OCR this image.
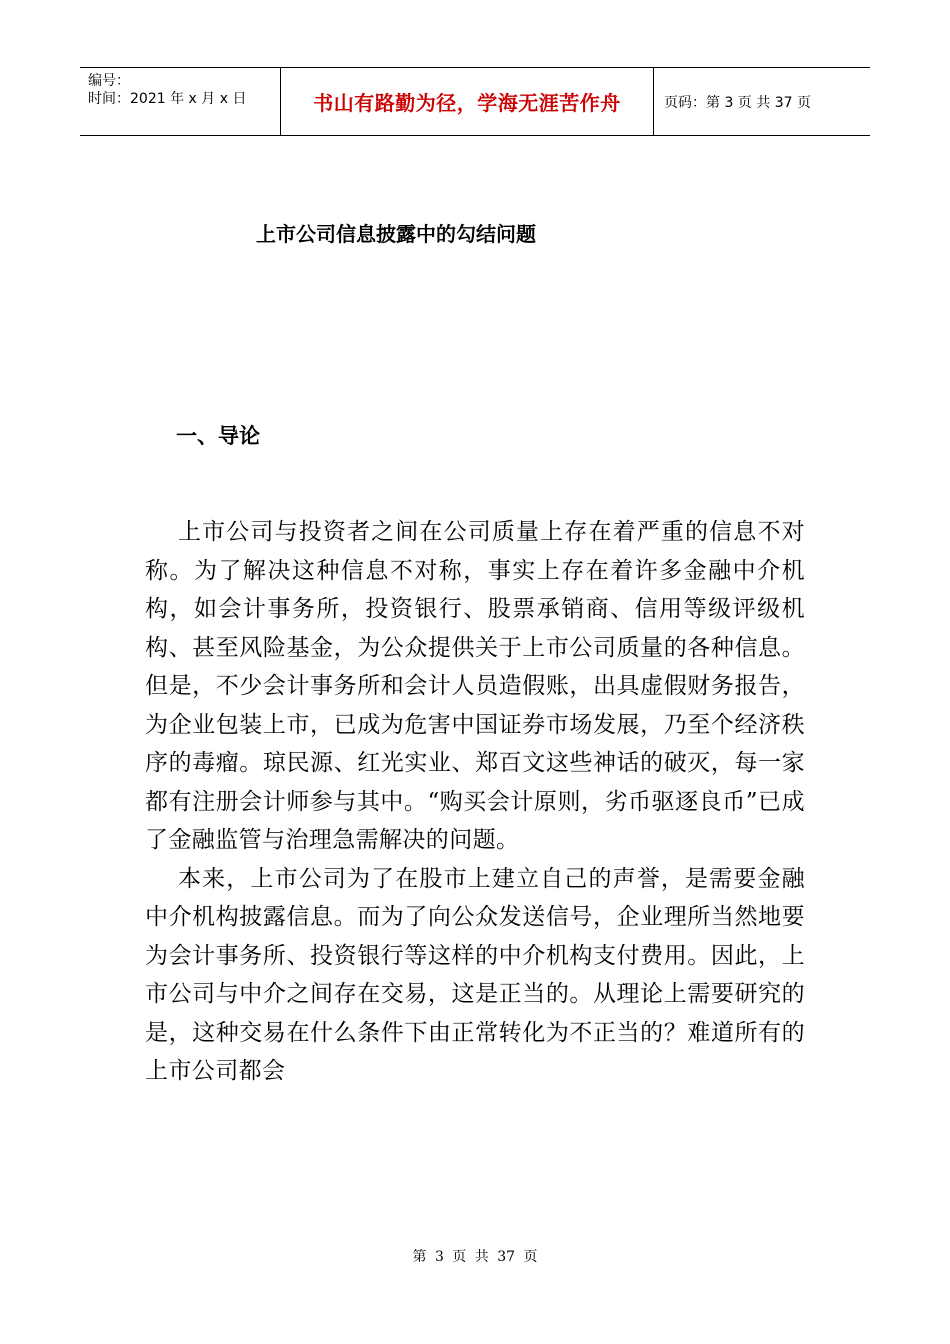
编号：
时间：2021 年 x 月 x 日	书山有路勤为径，学海无涯苦作舟	页码：第 3 页 共 37 页
上市公司信息披露中的勾结问题
一、导论

上市公司与投资者之间在公司质量上存在着严重的信息不对称。为了解决这种信息不对称，事实上存在着许多金融中介机构，如会计事务所，投资银行、股票承销商、信用等级评级机构、甚至风险基金，为公众提供关于上市公司质量的各种信息。但是，不少会计事务所和会计人员造假账，出具虚假财务报告，为企业包装上市，已成为危害中国证券市场发展，乃至个经济秩序的毒瘤。琼民源、红光实业、郑百文这些神话的破灭，每一家都有注册会计师参与其中。“购买会计原则，劣币驱逐良币”已成了金融监管与治理急需解决的问题。

本来，上市公司为了在股市上建立自己的声誉，是需要金融中介机构披露信息。而为了向公众发送信号，企业理所当然地要为会计事务所、投资银行等这样的中介机构支付费用。因此，上市公司与中介之间存在交易，这是正当的。从理论上需要研究的是，这种交易在什么条件下由正常转化为不正当的？难道所有的上市公司都会

第 3 页 共 37 页
